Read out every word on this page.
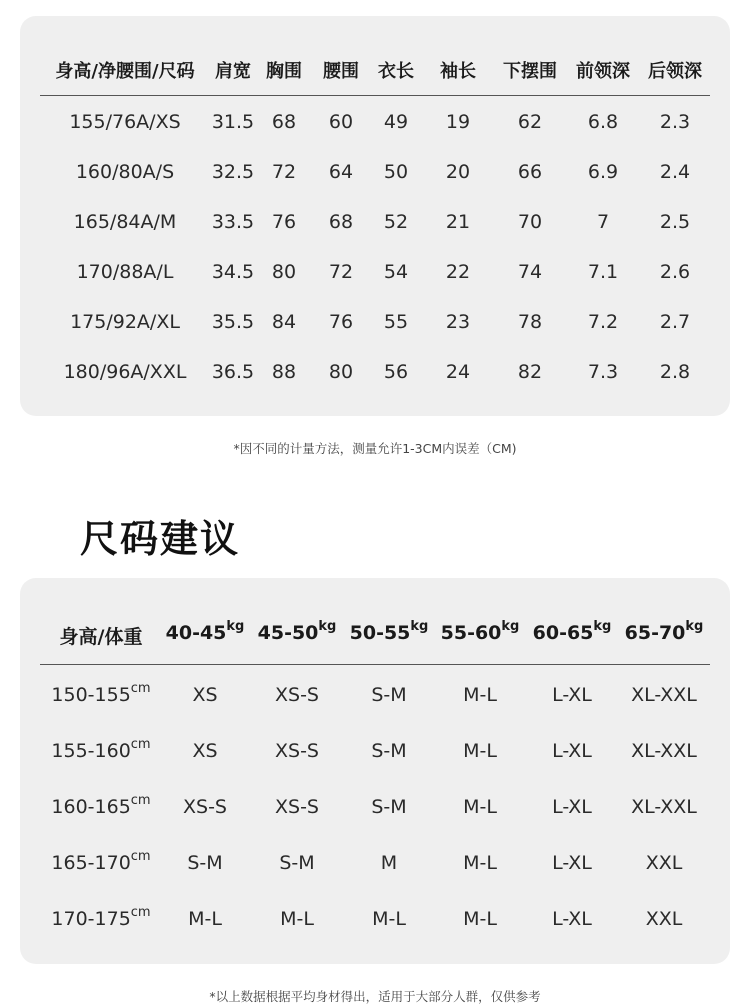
身高/净腰围/尺码	肩宽 胸围	腰围	衣长	袖长	下摆围	前领深	后领深
155/76A/XS	31.5 68	60	49	19	62	6.8	2.3
160/80A/S	32.5 72	64	50	20	66	6.9	2.4
165/84A/M	33.5 76	68	52	21	70	7	2.5
170/88A/L	34.5 80	72	54	22	74	7.1	2.6
175/92A/XL	35.5 84	76	55	23	78	7.2	2.7
180/96A/XXL	36.5 88	80	56	24	82	7.3	2.8
*因不同的计量方法，测量允许1-3CM内误差（CM)
尺码建议
身高/体重	$40-45^{kg}$ $45-50^{kg}$ $50-55^{kg}$ $55-60^{kg}$ $60-65^{kg}$ $65-70^{kg}$
$150-155^{cm}$	XS	XS-S	S-M	M-L	L-XL	XL-XXL
$155-160^{cm}$	XS	XS-S	S-M	M-L	L-XL	XL-XXL
$160-165^{cm}$	XS-S	XS-S	S-M	M-L	L-XL	XL-XXL
$165-170^{cm}$	S-M	S-M	M	M-L	L-XL	XXL
$170-175^{cm}$	M-L	M-L	M-L	M-L	L-XL	XXL
*以上数据根据平均身材得出，适用于大部分人群，仅供参考
